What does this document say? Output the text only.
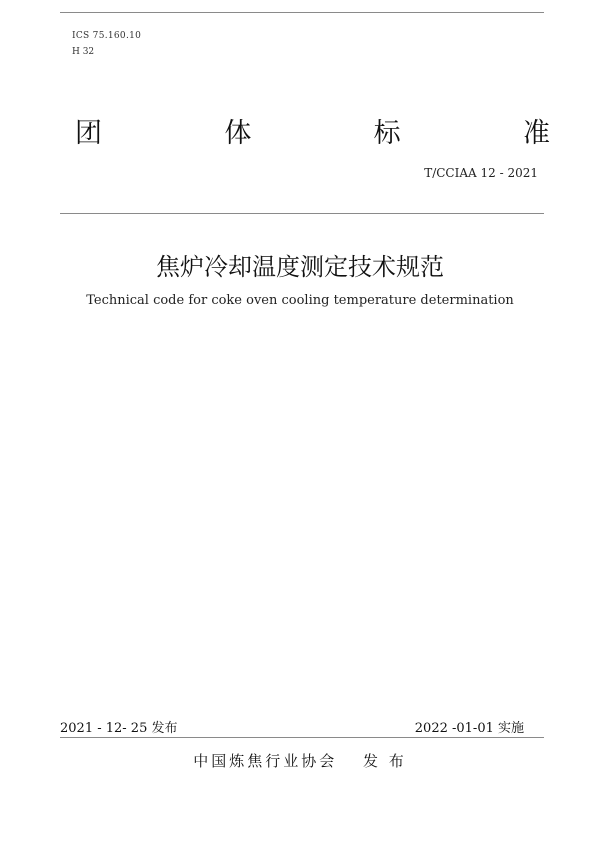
ICS 75.160.10
H 32
团	体	标	准
T/CCIAA 12 - 2021
焦炉冷却温度测定技术规范
Technical code for coke oven cooling temperature determination
2021 - 12- 25 发布	2022 -01-01 实施
中国炼焦行业协会　 发 布
